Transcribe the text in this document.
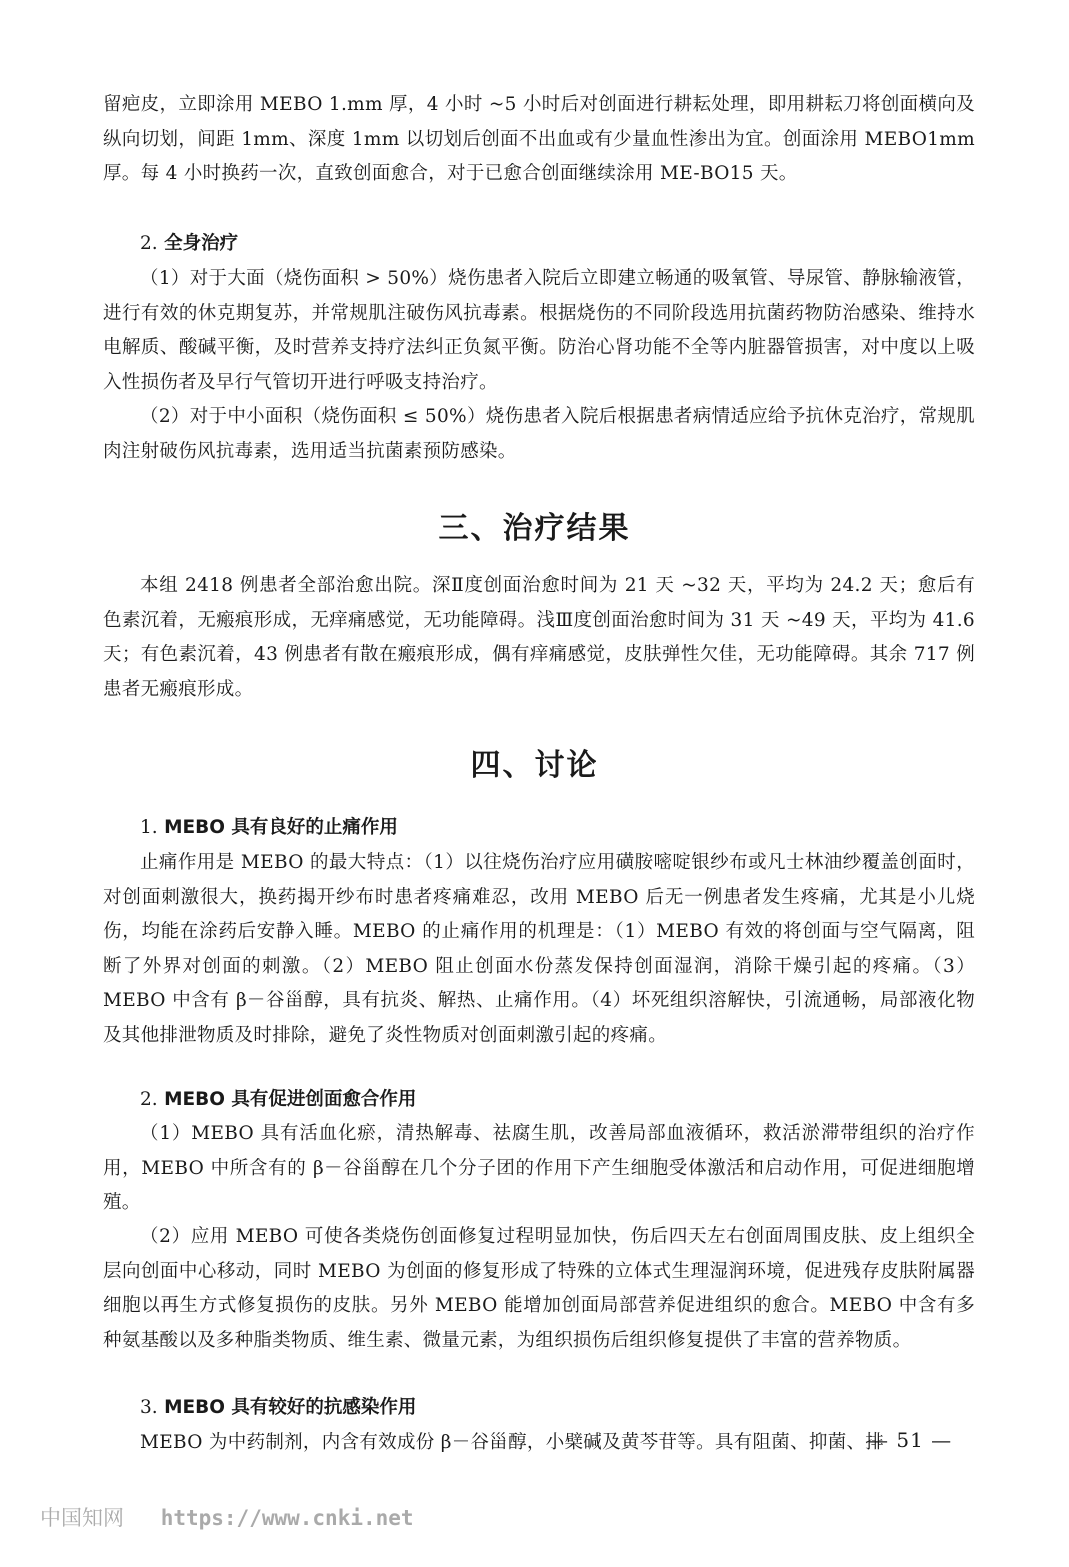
留疤皮，立即涂用 MEBO 1.mm 厚，4 小时 ~5 小时后对创面进行耕耘处理，即用耕耘刀将创面横向及纵向切划，间距 1mm、深度 1mm 以切划后创面不出血或有少量血性渗出为宜。创面涂用 MEBO1mm 厚。每 4 小时换药一次，直致创面愈合，对于已愈合创面继续涂用 ME-BO15 天。

2. 全身治疗

（1）对于大面（烧伤面积 > 50%）烧伤患者入院后立即建立畅通的吸氧管、导尿管、静脉输液管，进行有效的休克期复苏，并常规肌注破伤风抗毒素。根据烧伤的不同阶段选用抗菌药物防治感染、维持水电解质、酸碱平衡，及时营养支持疗法纠正负氮平衡。防治心肾功能不全等内脏器管损害，对中度以上吸入性损伤者及早行气管切开进行呼吸支持治疗。

（2）对于中小面积（烧伤面积 ≤ 50%）烧伤患者入院后根据患者病情适应给予抗休克治疗，常规肌肉注射破伤风抗毒素，选用适当抗菌素预防感染。

三、治疗结果

本组 2418 例患者全部治愈出院。深Ⅱ度创面治愈时间为 21 天 ~32 天，平均为 24.2 天；愈后有色素沉着，无瘢痕形成，无痒痛感觉，无功能障碍。浅Ⅲ度创面治愈时间为 31 天 ~49 天，平均为 41.6 天；有色素沉着，43 例患者有散在瘢痕形成，偶有痒痛感觉，皮肤弹性欠佳，无功能障碍。其余 717 例患者无瘢痕形成。

四、讨论

1. MEBO 具有良好的止痛作用

止痛作用是 MEBO 的最大特点：（1）以往烧伤治疗应用磺胺嘧啶银纱布或凡士林油纱覆盖创面时，对创面刺激很大，换药揭开纱布时患者疼痛难忍，改用 MEBO 后无一例患者发生疼痛，尤其是小儿烧伤，均能在涂药后安静入睡。MEBO 的止痛作用的机理是：（1）MEBO 有效的将创面与空气隔离，阻断了外界对创面的刺激。（2）MEBO 阻止创面水份蒸发保持创面湿润，消除干燥引起的疼痛。（3）MEBO 中含有 β－谷甾醇，具有抗炎、解热、止痛作用。（4）坏死组织溶解快，引流通畅，局部液化物及其他排泄物质及时排除，避免了炎性物质对创面刺激引起的疼痛。

2. MEBO 具有促进创面愈合作用

（1）MEBO 具有活血化瘀，清热解毒、祛腐生肌，改善局部血液循环，救活淤滞带组织的治疗作用，MEBO 中所含有的 β－谷甾醇在几个分子团的作用下产生细胞受体激活和启动作用，可促进细胞增殖。

（2）应用 MEBO 可使各类烧伤创面修复过程明显加快，伤后四天左右创面周围皮肤、皮上组织全层向创面中心移动，同时 MEBO 为创面的修复形成了特殊的立体式生理湿润环境，促进残存皮肤附属器细胞以再生方式修复损伤的皮肤。另外 MEBO 能增加创面局部营养促进组织的愈合。MEBO 中含有多种氨基酸以及多种脂类物质、维生素、微量元素，为组织损伤后组织修复提供了丰富的营养物质。

3. MEBO 具有较好的抗感染作用

MEBO 为中药制剂，内含有效成份 β－谷甾醇，小檗碱及黄芩苷等。具有阻菌、抑菌、排

— 51 —
中国知网 https://www.cnki.net
